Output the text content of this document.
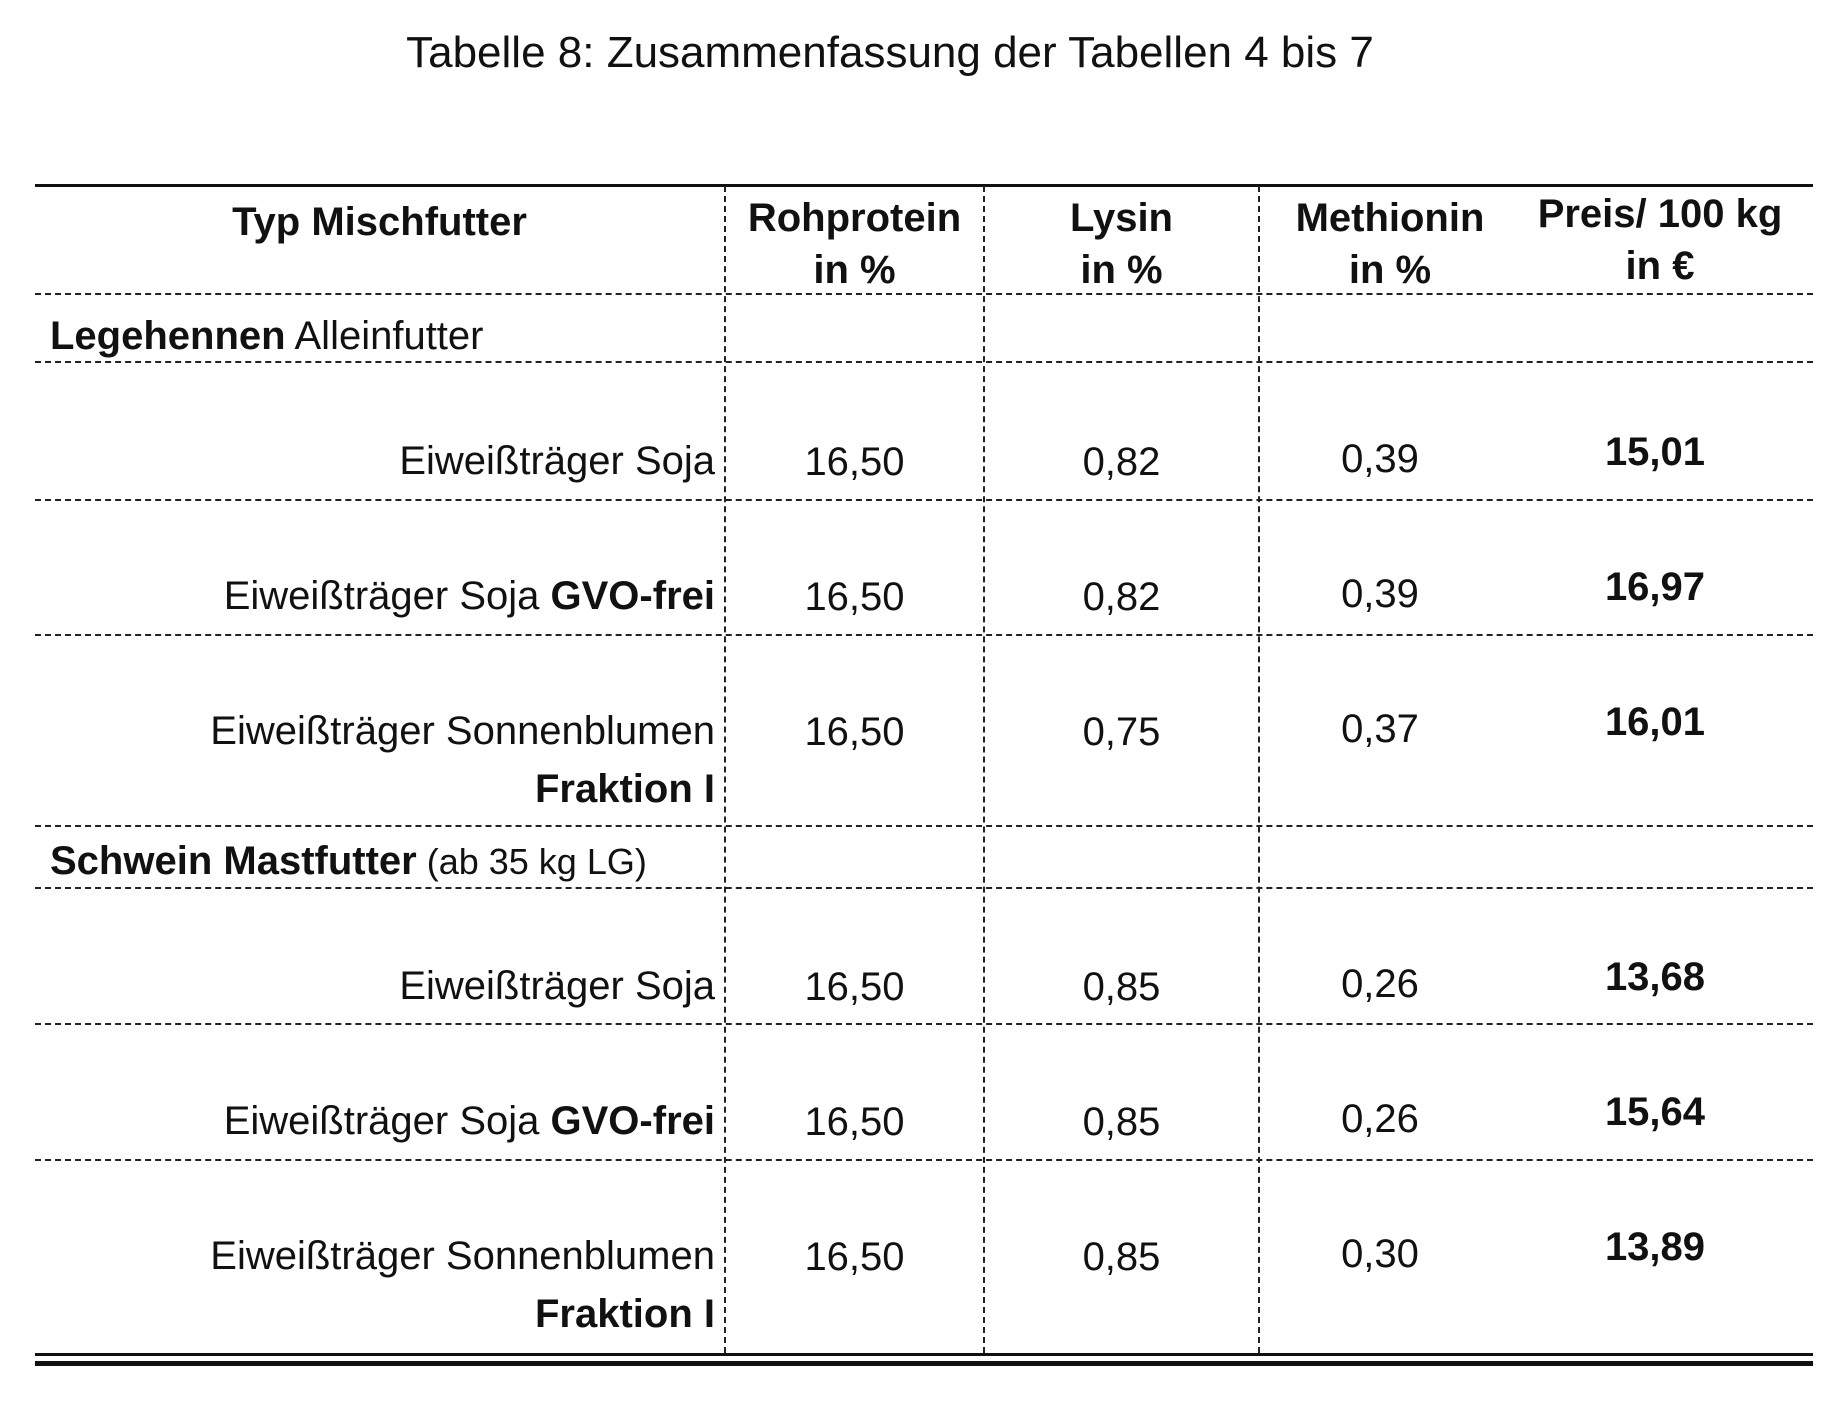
Tabelle 8: Zusammenfassung der Tabellen 4 bis 7
Typ Mischfutter	Rohprotein
in %
Lysin
in %
Methionin
in %
Preis/ 100 kg
in €
Legehennen Alleinfutter
Schwein Mastfutter (ab 35 kg LG)
Eiweißträger Soja	16,50	0,82	0,39	15,01
Eiweißträger Soja GVO-frei	16,50	0,82	0,39	16,97
Eiweißträger Sonnenblumen
Fraktion I
16,50	0,75	0,37	16,01
Eiweißträger Soja	16,50	0,85	0,26	13,68
Eiweißträger Soja GVO-frei	16,50	0,85	0,26	15,64
Eiweißträger Sonnenblumen
Fraktion I
16,50	0,85	0,30	13,89
